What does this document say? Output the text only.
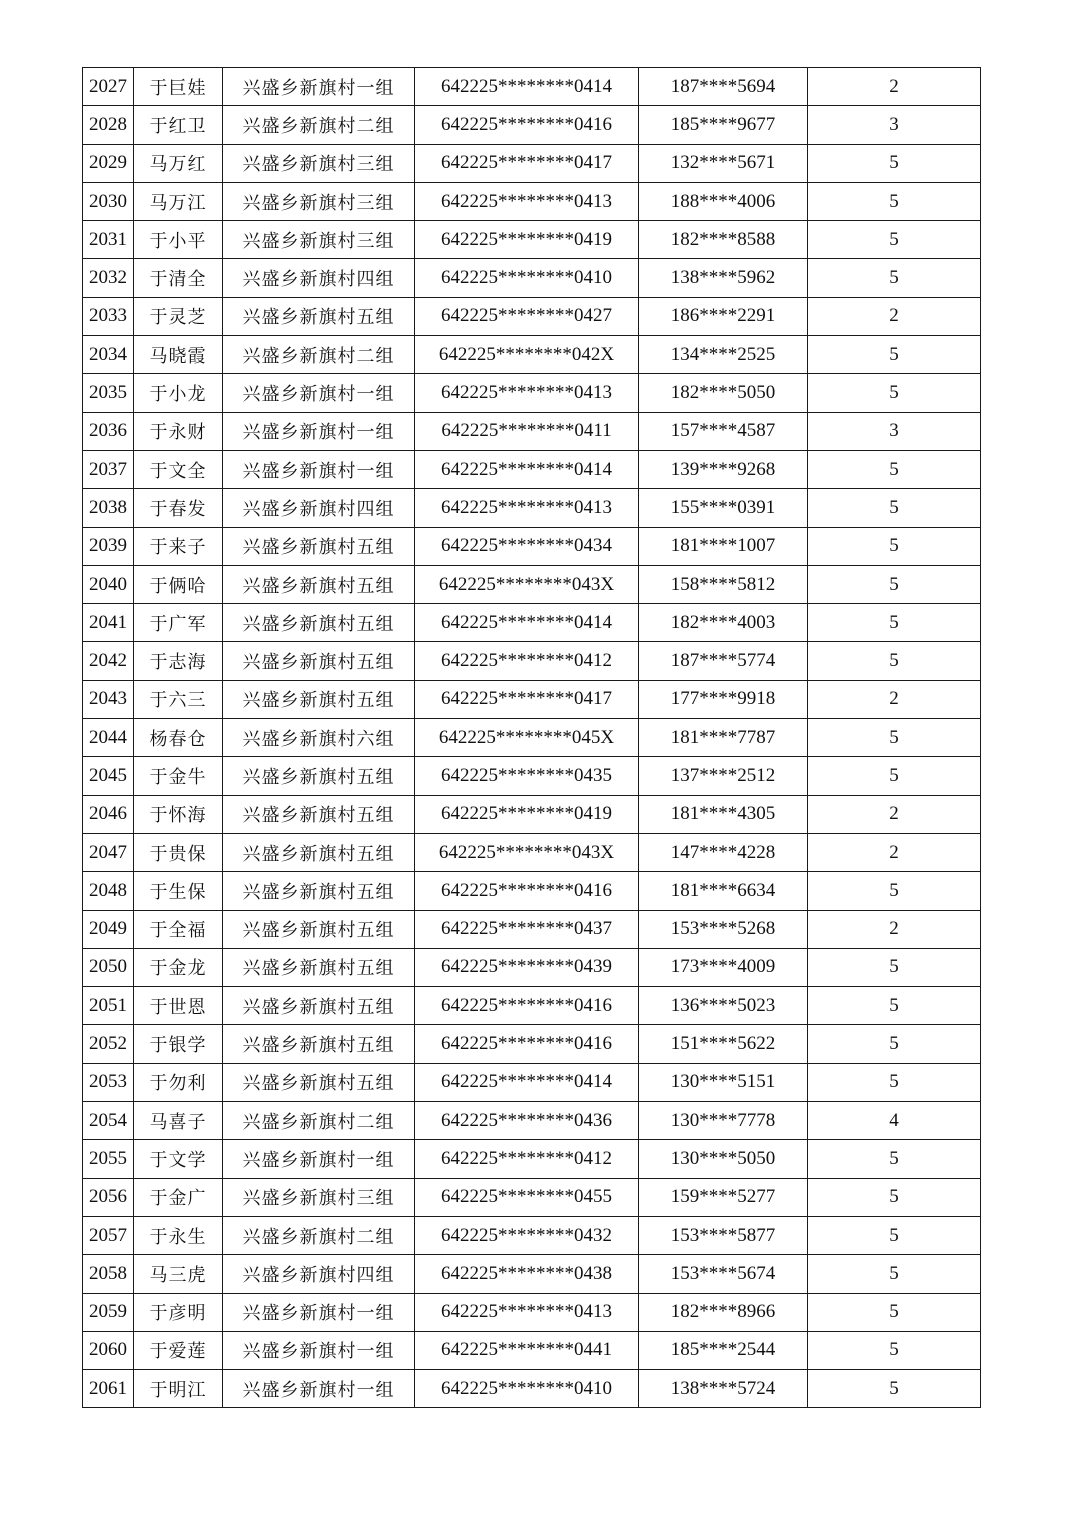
2027	于巨娃	兴盛乡新旗村一组	642225********0414	187****5694	2
2028	于红卫	兴盛乡新旗村二组	642225********0416	185****9677	3
2029	马万红	兴盛乡新旗村三组	642225********0417	132****5671	5
2030	马万江	兴盛乡新旗村三组	642225********0413	188****4006	5
2031	于小平	兴盛乡新旗村三组	642225********0419	182****8588	5
2032	于清全	兴盛乡新旗村四组	642225********0410	138****5962	5
2033	于灵芝	兴盛乡新旗村五组	642225********0427	186****2291	2
2034	马晓霞	兴盛乡新旗村二组	642225********042X	134****2525	5
2035	于小龙	兴盛乡新旗村一组	642225********0413	182****5050	5
2036	于永财	兴盛乡新旗村一组	642225********0411	157****4587	3
2037	于文全	兴盛乡新旗村一组	642225********0414	139****9268	5
2038	于春发	兴盛乡新旗村四组	642225********0413	155****0391	5
2039	于来子	兴盛乡新旗村五组	642225********0434	181****1007	5
2040	于俩哈	兴盛乡新旗村五组	642225********043X	158****5812	5
2041	于广军	兴盛乡新旗村五组	642225********0414	182****4003	5
2042	于志海	兴盛乡新旗村五组	642225********0412	187****5774	5
2043	于六三	兴盛乡新旗村五组	642225********0417	177****9918	2
2044	杨春仓	兴盛乡新旗村六组	642225********045X	181****7787	5
2045	于金牛	兴盛乡新旗村五组	642225********0435	137****2512	5
2046	于怀海	兴盛乡新旗村五组	642225********0419	181****4305	2
2047	于贵保	兴盛乡新旗村五组	642225********043X	147****4228	2
2048	于生保	兴盛乡新旗村五组	642225********0416	181****6634	5
2049	于全福	兴盛乡新旗村五组	642225********0437	153****5268	2
2050	于金龙	兴盛乡新旗村五组	642225********0439	173****4009	5
2051	于世恩	兴盛乡新旗村五组	642225********0416	136****5023	5
2052	于银学	兴盛乡新旗村五组	642225********0416	151****5622	5
2053	于勿利	兴盛乡新旗村五组	642225********0414	130****5151	5
2054	马喜子	兴盛乡新旗村二组	642225********0436	130****7778	4
2055	于文学	兴盛乡新旗村一组	642225********0412	130****5050	5
2056	于金广	兴盛乡新旗村三组	642225********0455	159****5277	5
2057	于永生	兴盛乡新旗村二组	642225********0432	153****5877	5
2058	马三虎	兴盛乡新旗村四组	642225********0438	153****5674	5
2059	于彦明	兴盛乡新旗村一组	642225********0413	182****8966	5
2060	于爱莲	兴盛乡新旗村一组	642225********0441	185****2544	5
2061	于明江	兴盛乡新旗村一组	642225********0410	138****5724	5
